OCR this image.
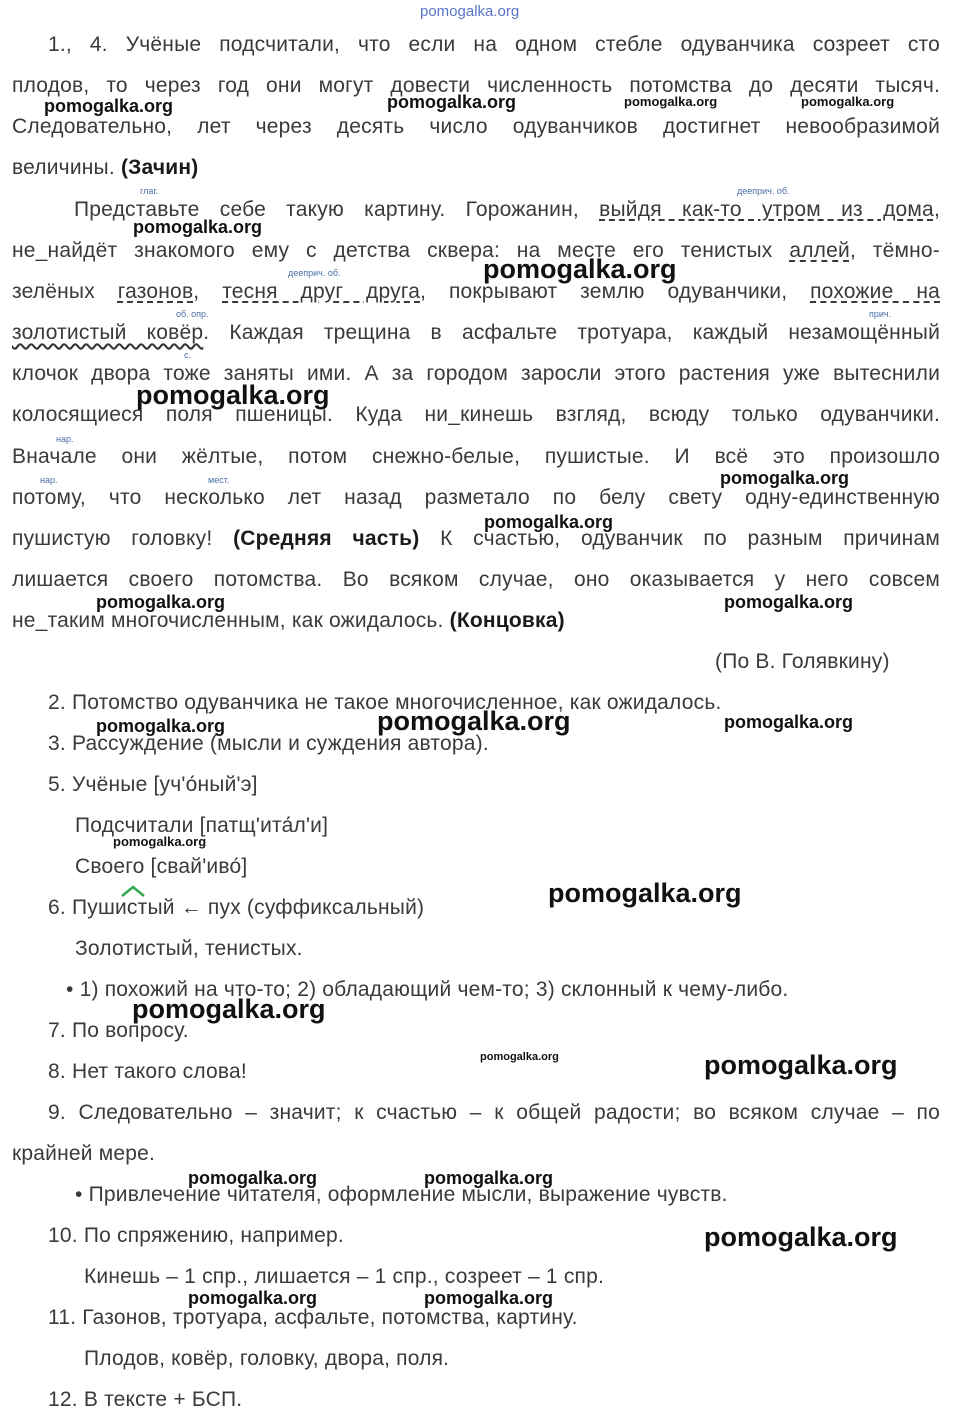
pomogalka.org
1., 4. Учёные подсчитали, что если на одном стебле одуванчика созреет сто
плодов, то через год они могут довести численность потомства до десяти тысяч.
Следовательно, лет через десять число одуванчиков достигнет невообразимой
величины. (Зачин)
глаг.	дееприч. об.
Представьте себе такую картину. Горожанин, выйдя как-то утром из дома,
не_найдёт знакомого ему с детства сквера: на месте его тенистых аллей, тёмно-
дееприч. об.
зелёных газонов, тесня друг друга, покрывают землю одуванчики, похожие на
об. опр.	прич.
золотистый ковёр. Каждая трещина в асфальте тротуара, каждый незамощённый
с.
клочок двора тоже заняты ими. А за городом заросли этого растения уже вытеснили
колосящиеся поля пшеницы. Куда ни_кинешь взгляд, всюду только одуванчики.
нар.
Вначале они жёлтые, потом снежно-белые, пушистые. И всё это произошло
нар.	мест.
потому, что несколько лет назад разметало по белу свету одну-единственную
пушистую головку! (Средняя часть) К счастью, одуванчик по разным причинам
лишается своего потомства. Во всяком случае, оно оказывается у него совсем
не_таким многочисленным, как ожидалось. (Концовка)
(По В. Голявкину)
2. Потомство одуванчика не такое многочисленное, как ожидалось.
3. Рассуждение (мысли и суждения автора).
5. Учёные [уч'о́ный'э]
Подсчитали [патщ'ита́л'и]
Своего [свай'иво́]
6. Пушистый ← пух (суффиксальный)
Золотистый, тенистых.
• 1) похожий на что-то; 2) обладающий чем-то; 3) склонный к чему-либо.
7. По вопросу.
8. Нет такого слова!
9. Следовательно – значит; к счастью – к общей радости; во всяком случае – по
крайней мере.
• Привлечение читателя, оформление мысли, выражение чувств.
10. По спряжению, например.
Кинешь – 1 спр., лишается – 1 спр., созреет – 1 спр.
11. Газонов, тротуара, асфальте, потомства, картину.
Плодов, ковёр, головку, двора, поля.
12. В тексте + БСП.
pomogalka.org	pomogalka.org	pomogalka.org	pomogalka.org
pomogalka.org
pomogalka.org
pomogalka.org
pomogalka.org
pomogalka.org
pomogalka.org	pomogalka.org
pomogalka.org	pomogalka.org	pomogalka.org
pomogalka.org
pomogalka.org
pomogalka.org
pomogalka.org	pomogalka.org
pomogalka.org	pomogalka.org
pomogalka.org
pomogalka.org	pomogalka.org
